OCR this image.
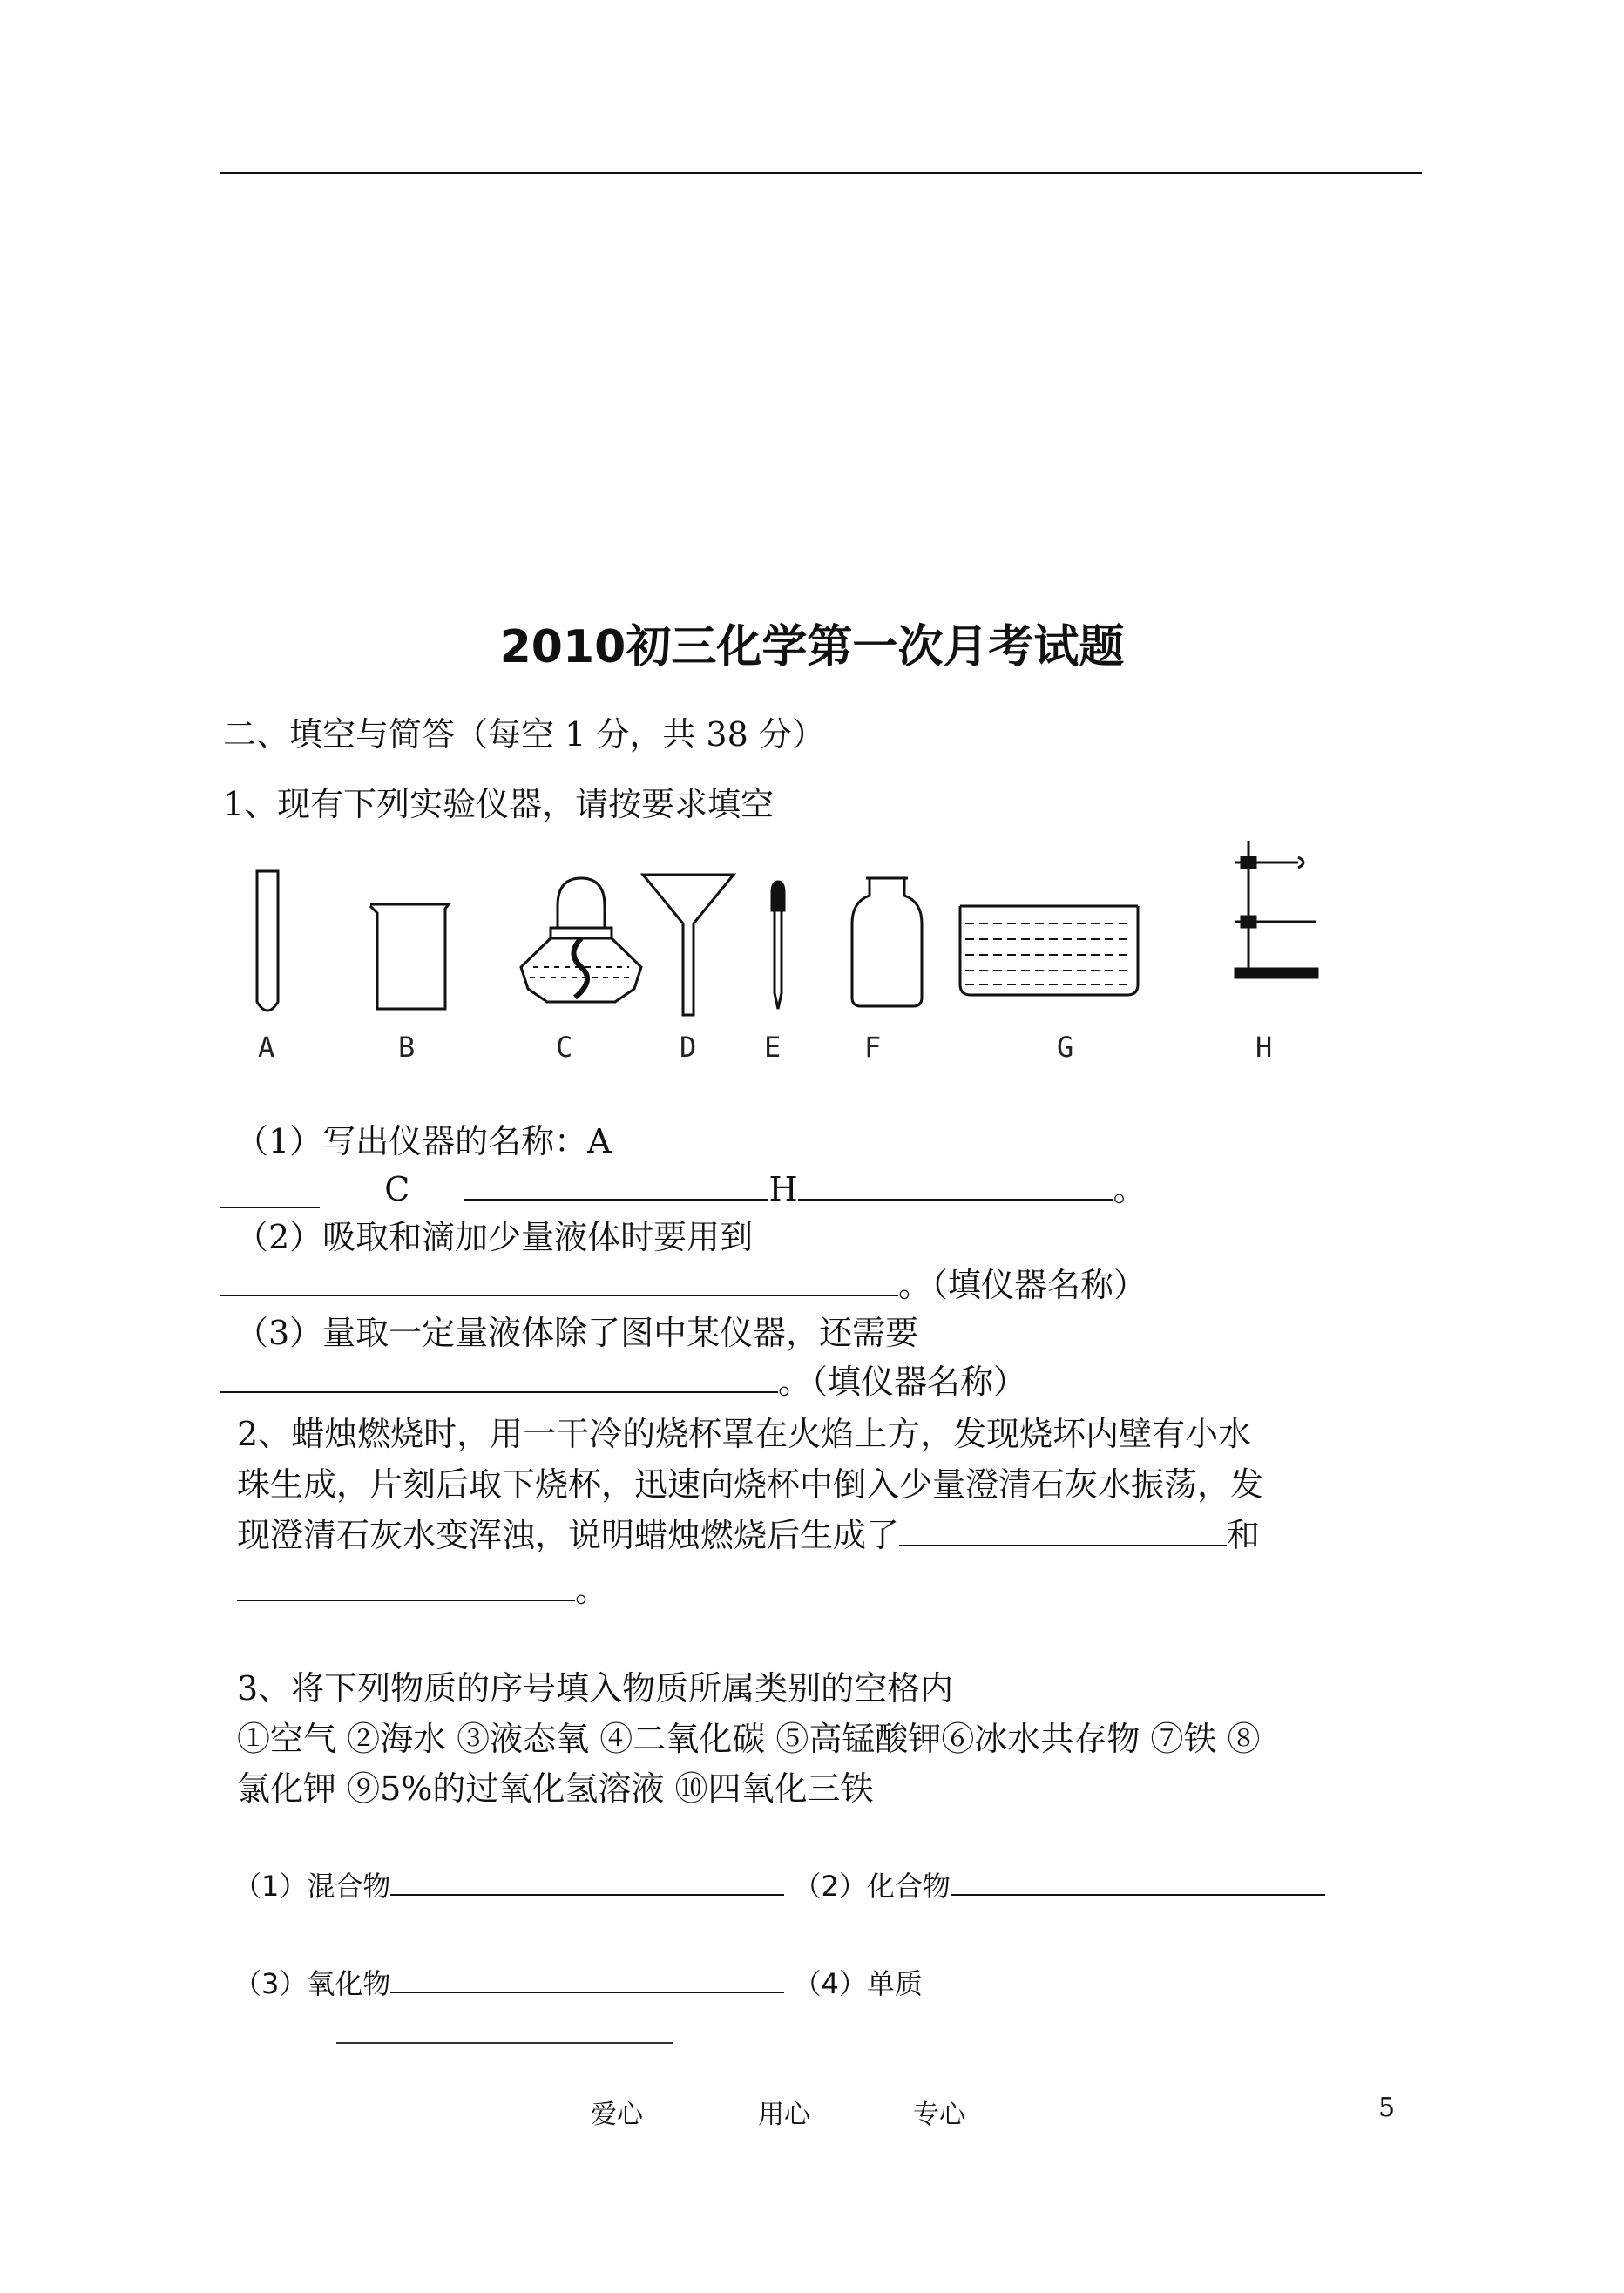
2010初三化学第一次月考试题
二、填空与简答（每空 1 分，共 38 分）
1、现有下列实验仪器，请按要求填空
A	B	C	D E	F	G	H
（1）写出仪器的名称：A
______ C	H	。
（2）吸取和滴加少量液体时要用到
。（填仪器名称）
（3）量取一定量液体除了图中某仪器，还需要
。（填仪器名称）
2、蜡烛燃烧时，用一干冷的烧杯罩在火焰上方，发现烧坏内壁有小水
珠生成，片刻后取下烧杯，迅速向烧杯中倒入少量澄清石灰水振荡，发
现澄清石灰水变浑浊，说明蜡烛燃烧后生成了	和
。
3、将下列物质的序号填入物质所属类别的空格内
①空气 ②海水 ③液态氧 ④二氧化碳 ⑤高锰酸钾⑥冰水共存物 ⑦铁 ⑧
氯化钾 ⑨5%的过氧化氢溶液 ⑩四氧化三铁
（1）混合物	（2）化合物
（3）氧化物	（4）单质
爱心	用心	专心	5
